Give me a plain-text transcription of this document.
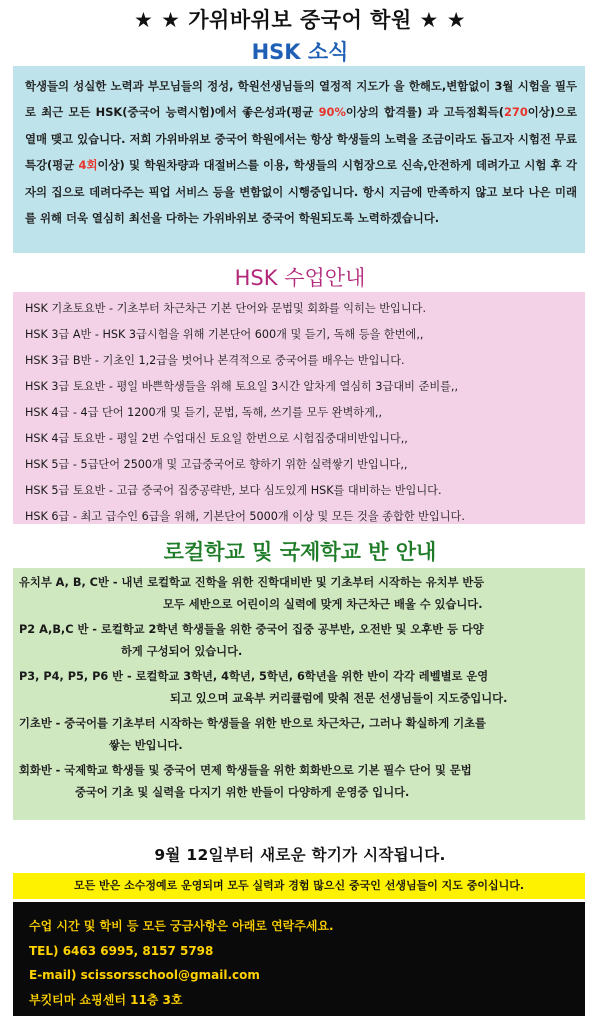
★ ★ 가위바위보 중국어 학원 ★ ★
HSK 소식

학생들의 성실한 노력과 부모님들의 정성, 학원선생님들의 열정적 지도가 을 한해도,변함없이 3월 시험을 필두로 최근 모든 HSK(중국어 능력시험)에서 좋은성과(평균 90%이상의 합격률) 과 고득점획득(270이상)으로 열매 맺고 있습니다. 저희 가위바위보 중국어 학원에서는 항상 학생들의 노력을 조금이라도 돕고자 시험전 무료특강(평균 4회이상) 및 학원차량과 대절버스를 이용, 학생들의 시험장으로 신속,안전하게 데려가고 시험 후 각자의 집으로 데려다주는 픽업 서비스 등을 변함없이 시행중입니다. 항시 지금에 만족하지 않고 보다 나은 미래를 위해 더욱 열심히 최선을 다하는 가위바위보 중국어 학원되도록 노력하겠습니다.

HSK 수업안내
HSK 기초토요반 - 기초부터 차근차근 기본 단어와 문법및 회화를 익히는 반입니다.
HSK 3급 A반 - HSK 3급시험을 위해 기본단어 600개 및 듣기, 독해 등을 한번에,,
HSK 3급 B반 - 기초인 1,2급을 벗어나 본격적으로 중국어를 배우는 반입니다.
HSK 3급 토요반 - 평일 바쁜학생들을 위해 토요일 3시간 알차게 열심히 3급대비 준비를,,
HSK 4급 - 4급 단어 1200개 및 듣기, 문법, 독해, 쓰기를 모두 완벽하게,,
HSK 4급 토요반 - 평일 2번 수업대신 토요일 한번으로 시험집중대비반입니다,,
HSK 5급 - 5급단어 2500개 및 고급중국어로 향하기 위한 실력쌓기 반입니다,,
HSK 5급 토요반 - 고급 중국어 집중공략반, 보다 심도있게 HSK를 대비하는 반입니다.
HSK 6급 - 최고 급수인 6급을 위해, 기본단어 5000개 이상 및 모든 것을 종합한 반입니다.
로컬학교 및 국제학교 반 안내
유치부 A, B, C반 - 내년 로컬학교 진학을 위한 진학대비반 및 기초부터 시작하는 유치부 반등
모두 세반으로 어린이의 실력에 맞게 차근차근 배울 수 있습니다.
P2 A,B,C 반 - 로컬학교 2학년 학생들을 위한 중국어 집중 공부반, 오전반 및 오후반 등 다양
하게 구성되어 있습니다.
P3, P4, P5, P6 반 - 로컬학교 3학년, 4학년, 5학년, 6학년을 위한 반이 각각 레벨별로 운영
되고 있으며 교육부 커리큘럼에 맞춰 전문 선생님들이 지도중입니다.
기초반 - 중국어를 기초부터 시작하는 학생들을 위한 반으로 차근차근, 그러나 확실하게 기초를
쌓는 반입니다.
회화반 - 국제학교 학생들 및 중국어 면제 학생들을 위한 회화반으로 기본 필수 단어 및 문법
중국어 기초 및 실력을 다지기 위한 반들이 다양하게 운영중 입니다.
9월 12일부터 새로운 학기가 시작됩니다.
모든 반은 소수정예로 운영되며 모두 실력과 경험 많으신 중국인 선생님들이 지도 중이십니다.
수업 시간 및 학비 등 모든 궁금사항은 아래로 연락주세요.
TEL) 6463 6995, 8157 5798
E-mail) scissorsschool@gmail.com
부킷티마 쇼핑센터 11층 3호
